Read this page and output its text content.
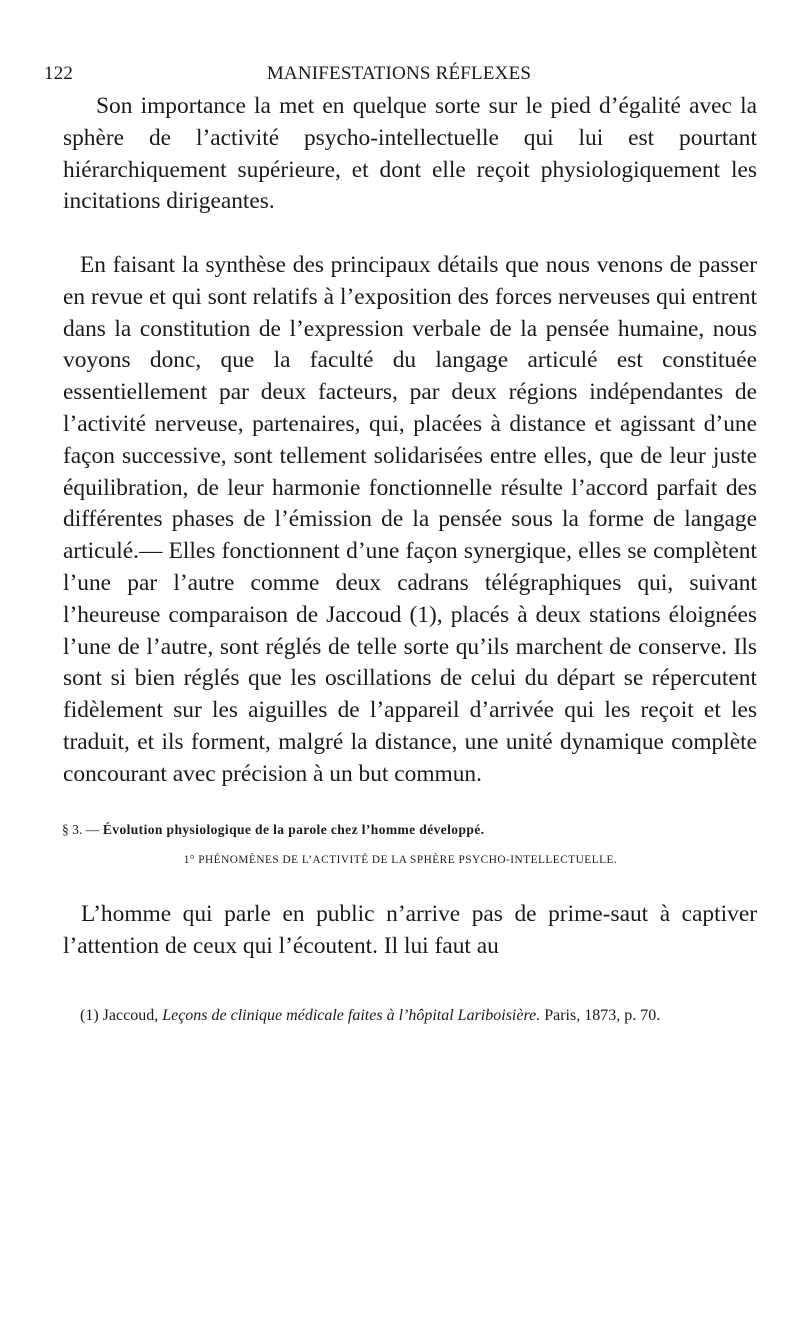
122	MANIFESTATIONS RÉFLEXES

Son importance la met en quelque sorte sur le pied d’égalité avec la sphère de l’activité psycho-intellectuelle qui lui est pourtant hiérarchiquement supérieure, et dont elle reçoit physiologiquement les incitations dirigeantes.

En faisant la synthèse des principaux détails que nous venons de passer en revue et qui sont relatifs à l’exposition des forces nerveuses qui entrent dans la constitution de l’expression verbale de la pensée humaine, nous voyons donc, que la faculté du langage articulé est constituée essentiellement par deux facteurs, par deux régions indépendantes de l’activité nerveuse, partenaires, qui, placées à distance et agissant d’une façon successive, sont tellement solidarisées entre elles, que de leur juste équilibration, de leur harmonie fonctionnelle résulte l’accord parfait des différentes phases de l’émission de la pensée sous la forme de langage articulé.— Elles fonctionnent d’une façon synergique, elles se complètent l’une par l’autre comme deux cadrans télégraphiques qui, suivant l’heureuse comparaison de Jaccoud (1), placés à deux stations éloignées l’une de l’autre, sont réglés de telle sorte qu’ils marchent de conserve. Ils sont si bien réglés que les oscillations de celui du départ se répercutent fidèlement sur les aiguilles de l’appareil d’arrivée qui les reçoit et les traduit, et ils forment, malgré la distance, une unité dynamique complète concourant avec précision à un but commun.

§ 3. — Évolution physiologique de la parole chez l’homme développé.
1° PHÉNOMÈNES DE L’ACTIVITÉ DE LA SPHÈRE PSYCHO-INTELLECTUELLE.

L’homme qui parle en public n’arrive pas de prime-saut à captiver l’attention de ceux qui l’écoutent. Il lui faut au

(1) Jaccoud, Leçons de clinique médicale faites à l’hôpital Lariboisière. Paris, 1873, p. 70.
